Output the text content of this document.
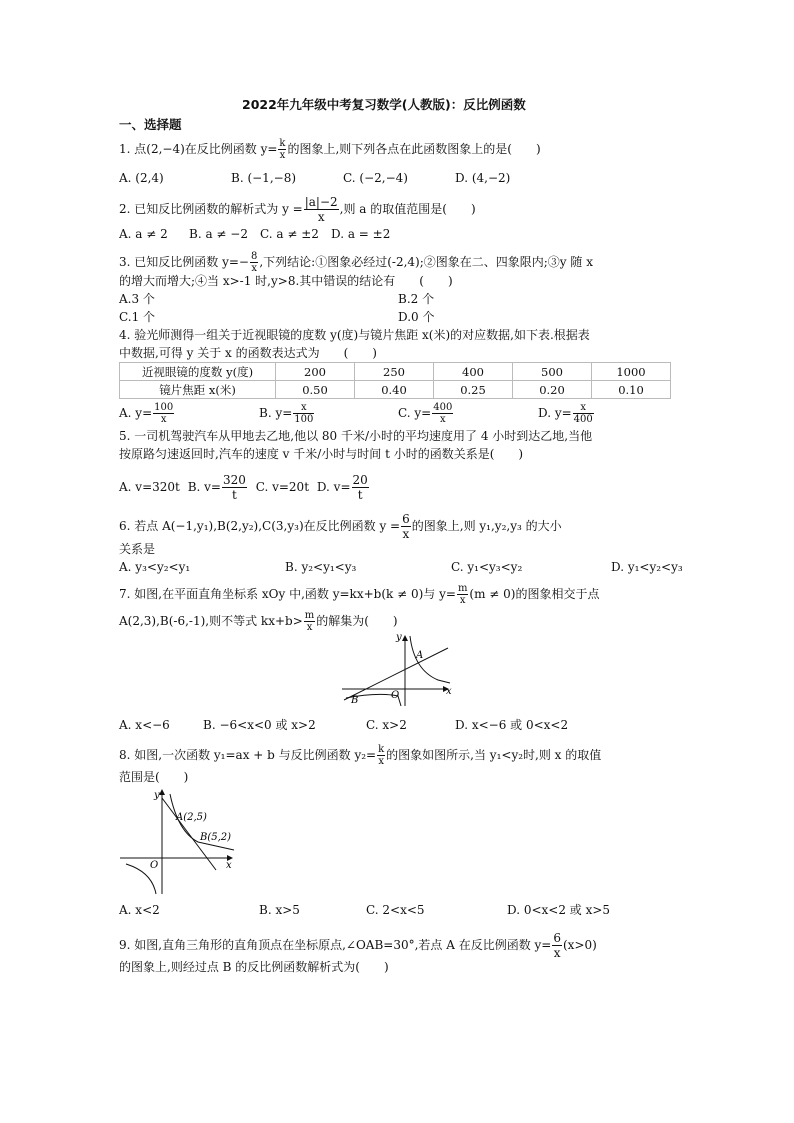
2022年九年级中考复习数学(人教版)：反比例函数
一、选择题
1. 点(2,−4)在反比例函数 $y= \frac{k}{x}$ 的图象上,则下列各点在此函数图象上的是(　　)
A. (2,4)	B. (−1,−8)	C. (−2,−4)	D. (4,−2)
2. 已知反比例函数的解析式为 $y = \frac{|a|-2}{x}$ ,则 a 的取值范围是(　　)
A. a ≠ 2 B. a ≠ −2 C. a ≠ ±2 D. a = ±2
3. 已知反比例函数 $y=- \frac{8}{x}$ ,下列结论:①图象必经过(-2,4);②图象在二、四象限内;③y 随 x
的增大而增大;④当 x>-1 时,y>8.其中错误的结论有　　(　　)
A.3 个	B.2 个
C.1 个	D.0 个
4. 验光师测得一组关于近视眼镜的度数 y(度)与镜片焦距 x(米)的对应数据,如下表.根据表
中数据,可得 y 关于 x 的函数表达式为　　(　　)
近视眼镜的度数 y(度)	200	250	400	500	1000
镜片焦距 x(米)	0.50	0.40	0.25	0.20	0.10
A. $y= \frac{100}{x}$	B. $y= \frac{x}{100}$	C. $y= \frac{400}{x}$	D. $y= \frac{x}{400}$
5. 一司机驾驶汽车从甲地去乙地,他以 80 千米/小时的平均速度用了 4 小时到达乙地,当他
按原路匀速返回时,汽车的速度 v 千米/小时与时间 t 小时的函数关系是(　　)
A. v=320t B. $v= \frac{320}{t} C$. v=20t D. $v= \frac{20}{t}$
6. 若点 A(−1,y₁),B(2,y₂),C(3,y₃)在反比例函数 $y = \frac{6}{x}$ 的图象上,则 y₁,y₂,y₃ 的大小
关系是
A. y₃<y₂<y₁	B. y₂<y₁<y₃	C. y₁<y₃<y₂	D. y₁<y₂<y₃
7. 如图,在平面直角坐标系 xOy 中,函数 y=kx+b(k ≠ 0)与 $y= \frac{m}{x} (m \ne 0)$的图象相交于点
A(2,3),B(-6,-1),则不等式 $kx+b> \frac{m}{x}$ 的解集为(　　)
y
x
O
A
B
A. x<−6	B. −6<x<0 或 x>2	C. x>2	D. x<−6 或 0<x<2
8. 如图,一次函数 y₁=ax + b 与反比例函数 $y_2= \frac{k}{x}$ 的图象如图所示,当 y₁<y₂时,则 x 的取值
范围是(　　)
y
x
O
A(2,5)
B(5,2)
A. x<2	B. x>5	C. 2<x<5	D. 0<x<2 或 x>5
9. 如图,直角三角形的直角顶点在坐标原点,∠OAB=30°,若点 A 在反比例函数 $y= \frac{6}{x} (x>0)$
的图象上,则经过点 B 的反比例函数解析式为(　　)
